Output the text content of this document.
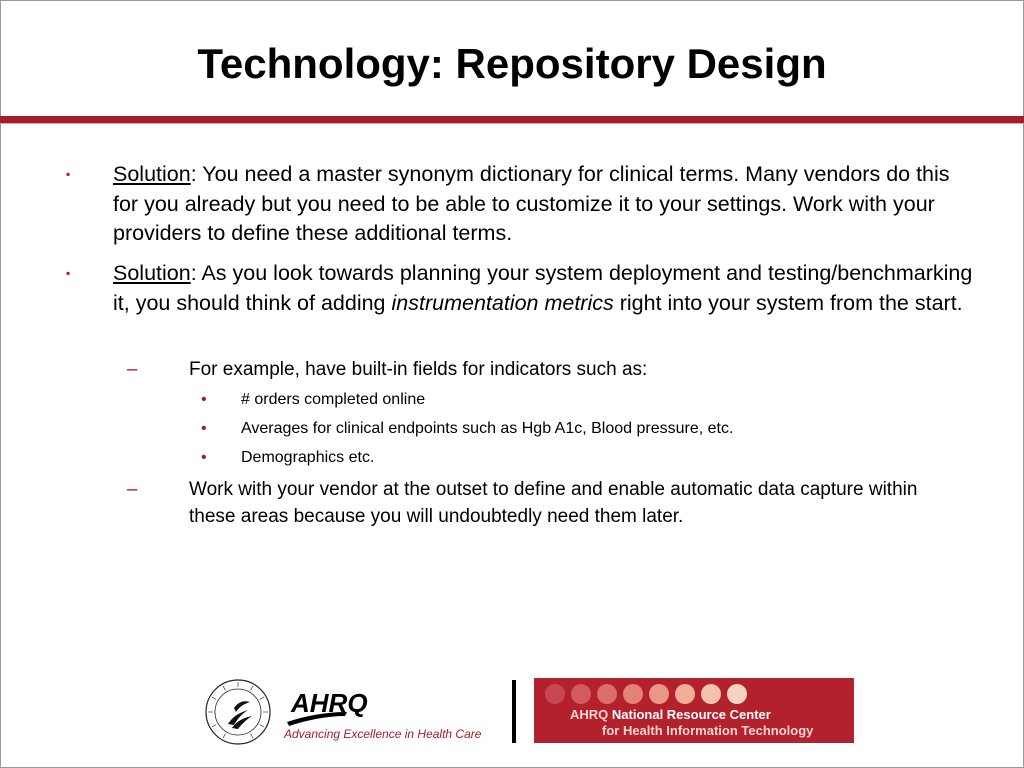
Technology: Repository Design
▪ Solution: You need a master synonym dictionary for clinical terms. Many vendors do this for you already but you need to be able to customize it to your settings. Work with your providers to define these additional terms.
▪ Solution: As you look towards planning your system deployment and testing/benchmarking it, you should think of adding instrumentation metrics right into your system from the start.
–	For example, have built-in fields for indicators such as:
• # orders completed online
• Averages for clinical endpoints such as Hgb A1c, Blood pressure, etc.
• Demographics etc.
–	Work with your vendor at the outset to define and enable automatic data capture within these areas because you will undoubtedly need them later.
AHRQ
Advancing Excellence in Health Care
AHRQ National Resource Center
for Health Information Technology
